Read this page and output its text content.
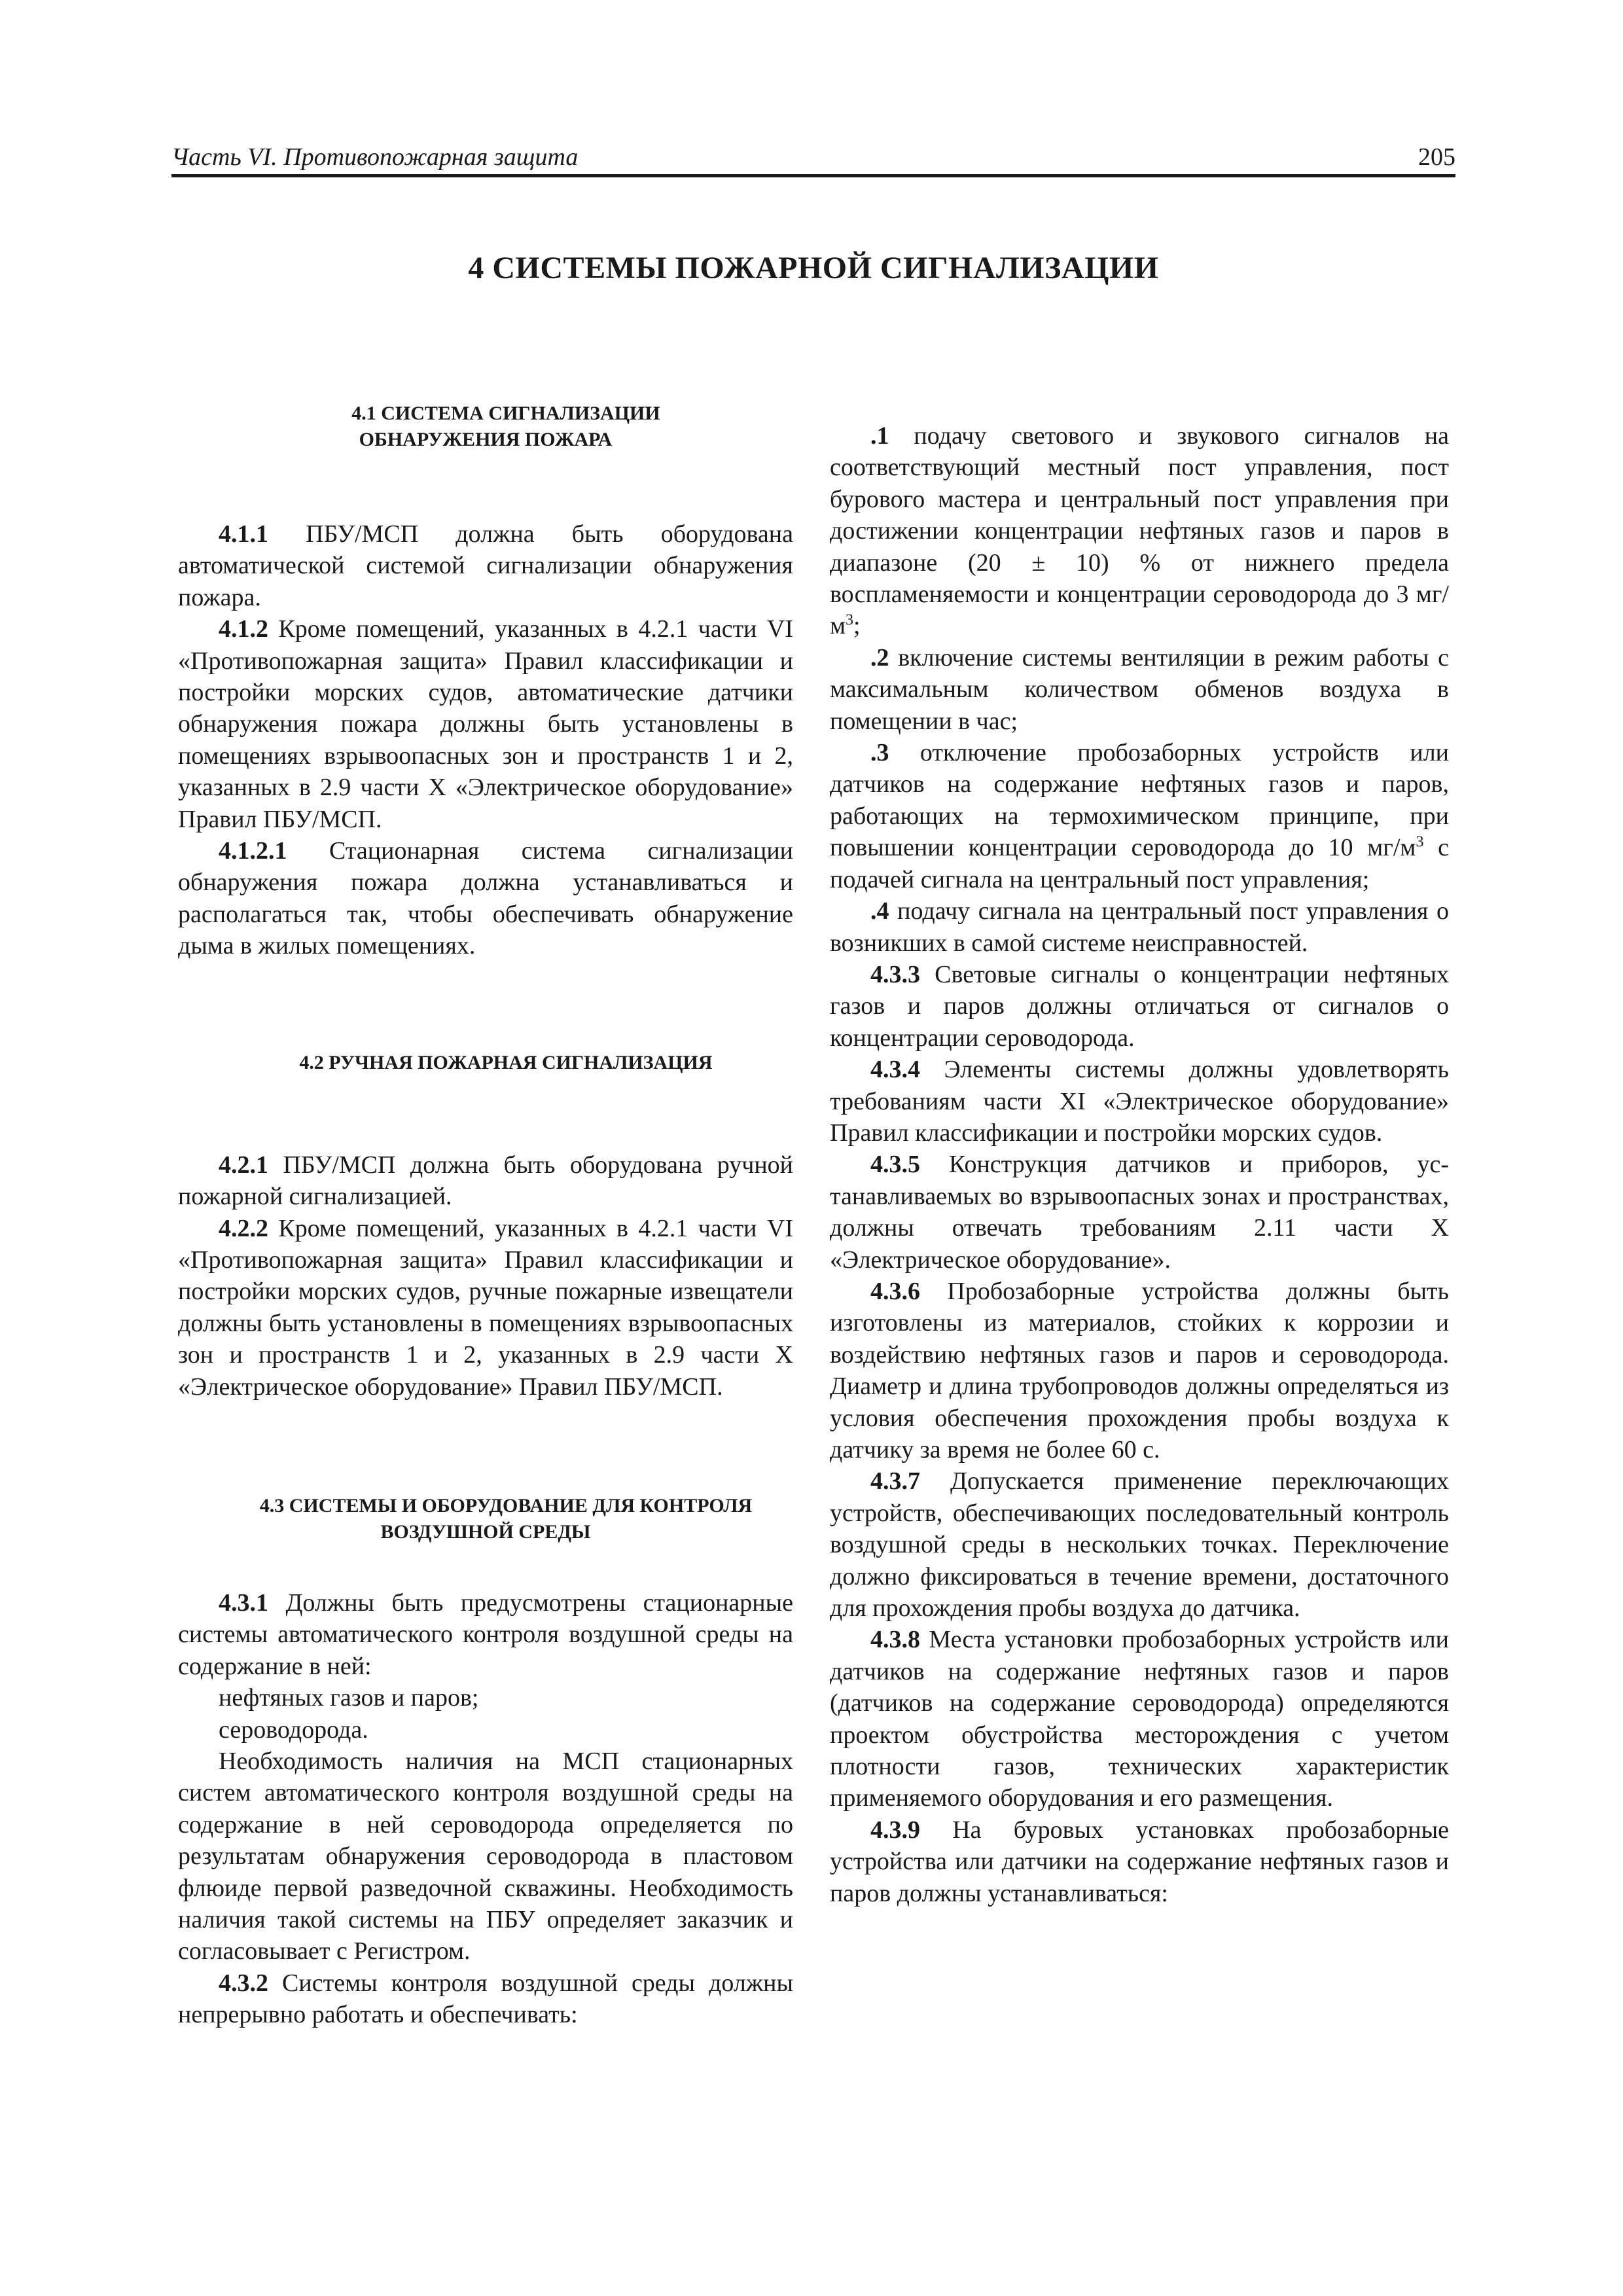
Часть VI. Противопожарная защита	205
4 СИСТЕМЫ ПОЖАРНОЙ СИГНАЛИЗАЦИИ

4.1 СИСТЕМА СИГНАЛИЗАЦИИ
ОБНАРУЖЕНИЯ ПОЖАРА

4.1.1 ПБУ/МСП должна быть оборудована автоматической системой сигнализации обнаружения пожара.

4.1.2 Кроме помещений, указанных в 4.2.1 части VI «Противопожарная защита» Правил классификации и постройки морских судов, автоматические датчики обнаружения пожара должны быть установлены в помещениях взрывоопасных зон и пространств 1 и 2, указанных в 2.9 части X «Электрическое оборудование» Правил ПБУ/МСП.

4.1.2.1 Стационарная система сигнализации обнаружения пожара должна устанавливаться и располагаться так, чтобы обеспечивать обнаружение дыма в жилых помещениях.

4.2 РУЧНАЯ ПОЖАРНАЯ СИГНАЛИЗАЦИЯ

4.2.1 ПБУ/МСП должна быть оборудована ручной пожарной сигнализацией.

4.2.2 Кроме помещений, указанных в 4.2.1 части VI «Противопожарная защита» Правил классификации и постройки морских судов, ручные пожарные извещатели должны быть установлены в помещениях взрывоопасных зон и пространств 1 и 2, указанных в 2.9 части X «Электрическое оборудование» Правил ПБУ/МСП.

4.3 СИСТЕМЫ И ОБОРУДОВАНИЕ ДЛЯ КОНТРОЛЯ
ВОЗДУШНОЙ СРЕДЫ

4.3.1 Должны быть предусмотрены стационарные системы автоматического контроля воздушной среды на содержание в ней:

нефтяных газов и паров;

сероводорода.

Необходимость наличия на МСП стационарных систем автоматического контроля воздушной среды на содержание в ней сероводорода определяется по результатам обнаружения сероводорода в пластовом флюиде первой разведочной скважины. Необходимость наличия такой системы на ПБУ определяет заказчик и согласовывает с Регистром.

4.3.2 Системы контроля воздушной среды должны непрерывно работать и обеспечивать:

.1 подачу светового и звукового сигналов на соответствующий местный пост управления, пост бурового мастера и центральный пост управления при достижении концентрации нефтяных газов и паров в диапазоне (20 ± 10) % от нижнего предела воспламеняемости и концентрации сероводорода до 3 $мг/м^3$;

.2 включение системы вентиляции в режим работы с максимальным количеством обменов воздуха в помещении в час;

.3 отключение пробозаборных устройств или датчиков на содержание нефтяных газов и паров, работающих на термохимическом принципе, при повышении концентрации сероводорода до 10 $мг/м^3$ с подачей сигнала на центральный пост управления;

.4 подачу сигнала на центральный пост управления о возникших в самой системе неисправностей.

4.3.3 Световые сигналы о концентрации нефтяных газов и паров должны отличаться от сигналов о концентрации сероводорода.

4.3.4 Элементы системы должны удовлетворять требованиям части XI «Электрическое оборудование» Правил классификации и постройки морских судов.

4.3.5 Конструкция датчиков и приборов, устанавливаемых во взрывоопасных зонах и пространствах, должны отвечать требованиям 2.11 части X «Электрическое оборудование».

4.3.6 Пробозаборные устройства должны быть изготовлены из материалов, стойких к коррозии и воздействию нефтяных газов и паров и сероводорода. Диаметр и длина трубопроводов должны определяться из условия обеспечения прохождения пробы воздуха к датчику за время не более 60 с.

4.3.7 Допускается применение переключающих устройств, обеспечивающих последовательный контроль воздушной среды в нескольких точках. Переключение должно фиксироваться в течение времени, достаточного для прохождения пробы воздуха до датчика.

4.3.8 Места установки пробозаборных устройств или датчиков на содержание нефтяных газов и паров (датчиков на содержание сероводорода) определяются проектом обустройства месторождения с учетом плотности газов, технических характеристик применяемого оборудования и его размещения.

4.3.9 На буровых установках пробозаборные устройства или датчики на содержание нефтяных газов и паров должны устанавливаться:
